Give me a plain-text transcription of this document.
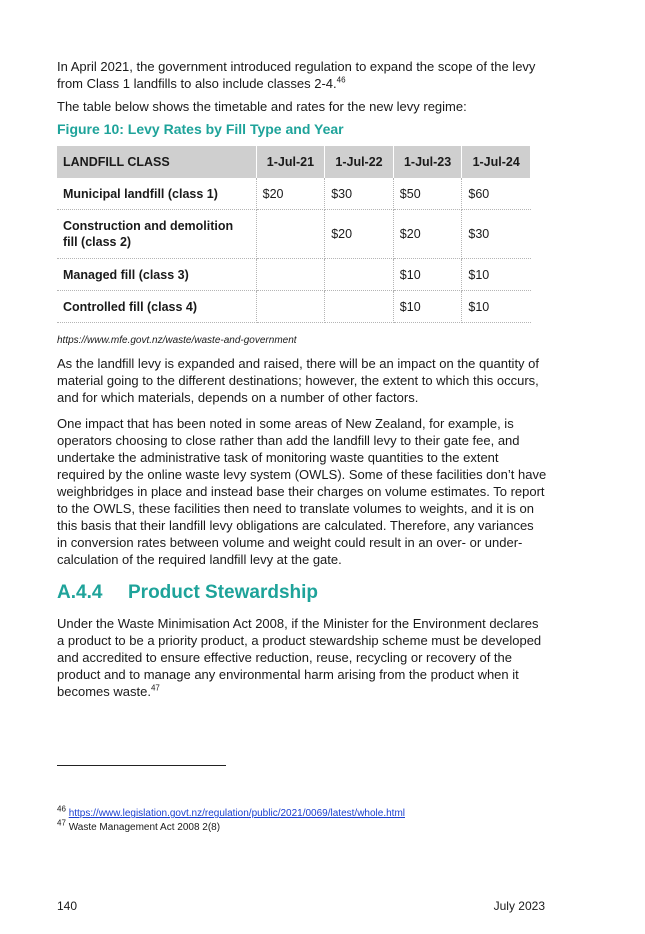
In April 2021, the government introduced regulation to expand the scope of the levy from Class 1 landfills to also include classes 2-4.46

The table below shows the timetable and rates for the new levy regime:

Figure 10: Levy Rates by Fill Type and Year
LANDFILL CLASS	1-Jul-21	1-Jul-22	1-Jul-23	1-Jul-24
Municipal landfill (class 1)	$20	$30	$50	$60
Construction and demolition fill (class 2)		$20	$20	$30
Managed fill (class 3)			$10	$10
Controlled fill (class 4)			$10	$10

https://www.mfe.govt.nz/waste/waste-and-government

As the landfill levy is expanded and raised, there will be an impact on the quantity of material going to the different destinations; however, the extent to which this occurs, and for which materials, depends on a number of other factors.

One impact that has been noted in some areas of New Zealand, for example, is operators choosing to close rather than add the landfill levy to their gate fee, and undertake the administrative task of monitoring waste quantities to the extent required by the online waste levy system (OWLS). Some of these facilities don’t have weighbridges in place and instead base their charges on volume estimates. To report to the OWLS, these facilities then need to translate volumes to weights, and it is on this basis that their landfill levy obligations are calculated. Therefore, any variances in conversion rates between volume and weight could result in an over- or under-calculation of the required landfill levy at the gate.

A.4.4	Product Stewardship

Under the Waste Minimisation Act 2008, if the Minister for the Environment declares a product to be a priority product, a product stewardship scheme must be developed and accredited to ensure effective reduction, reuse, recycling or recovery of the product and to manage any environmental harm arising from the product when it becomes waste.$^{47}$

$^{46}$ https://www.legislation.govt.nz/regulation/public/2021/0069/latest/whole.html
$^{47}$ Waste Management Act 2008 2(8)
140	July 2023
